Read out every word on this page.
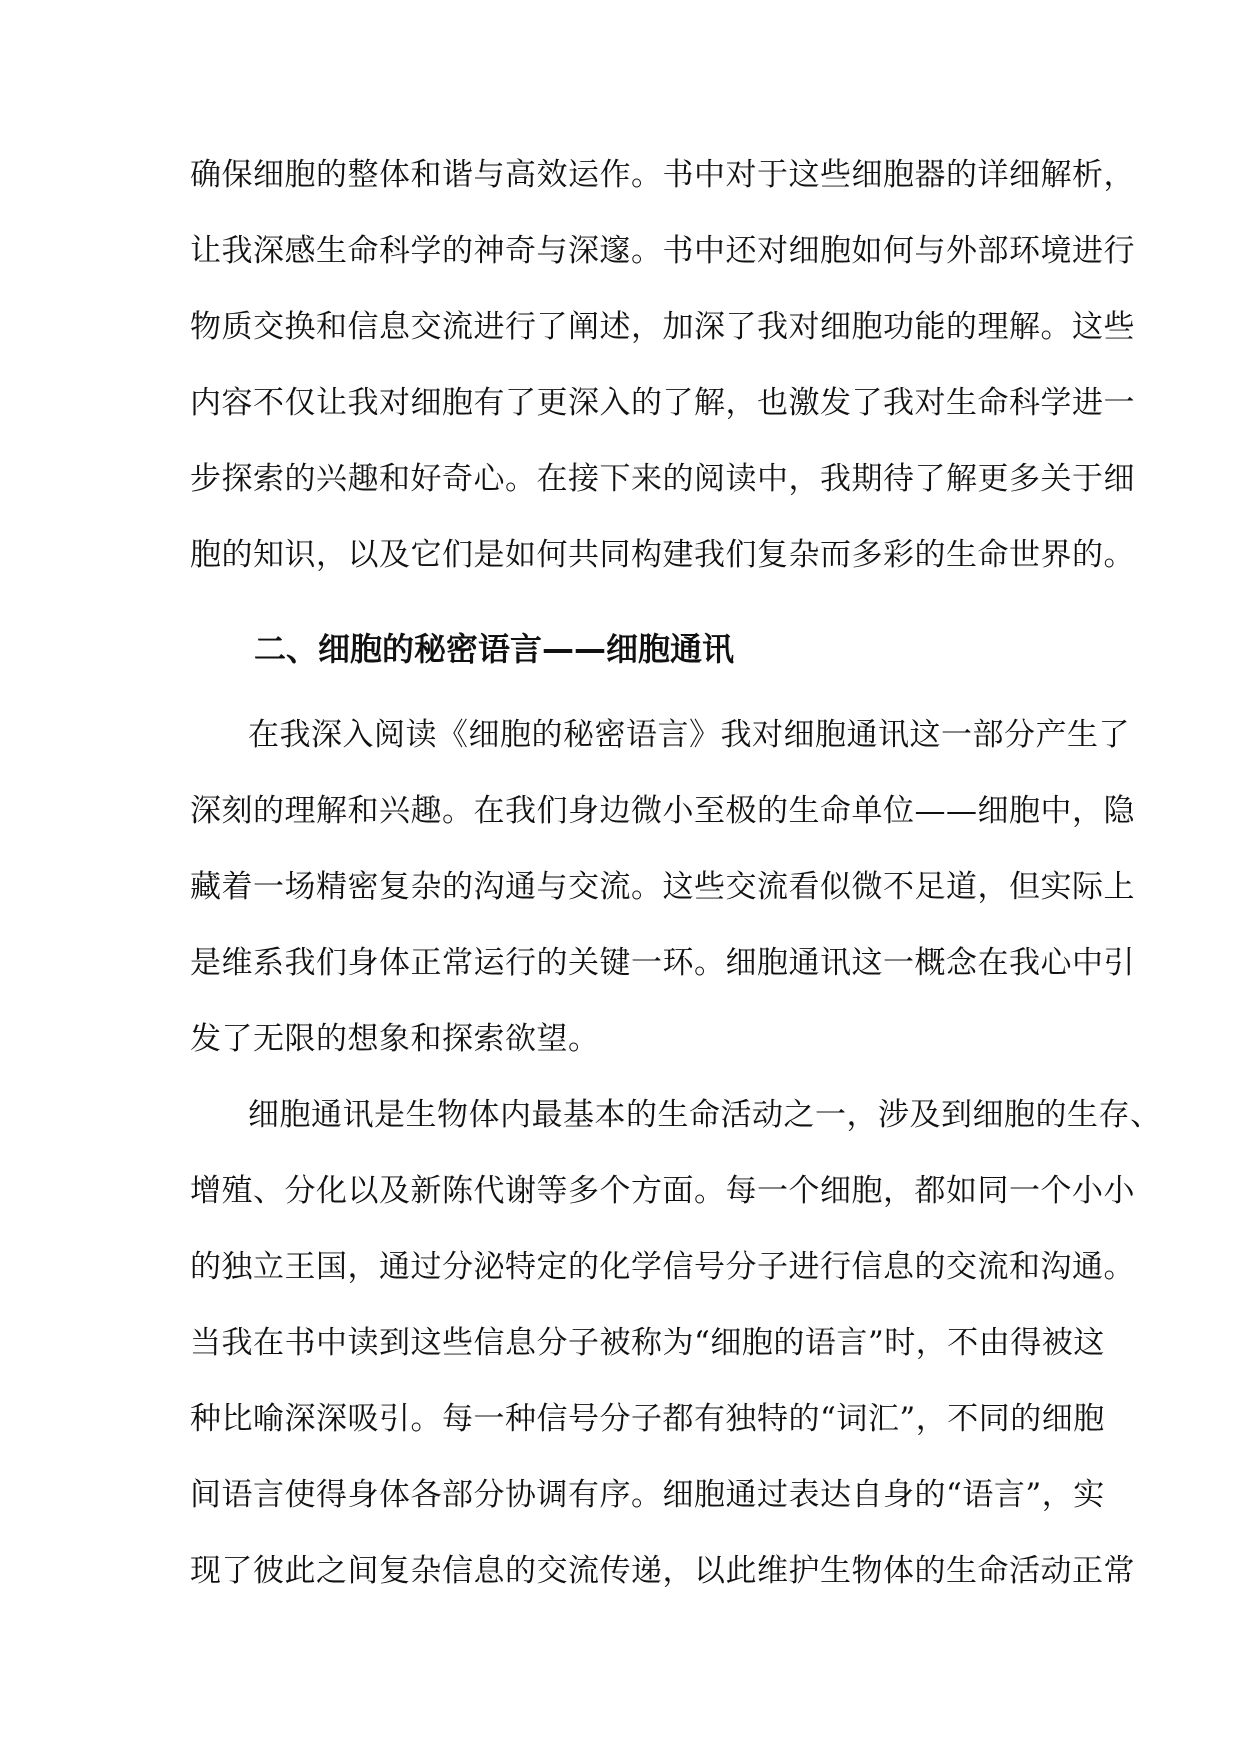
确保细胞的整体和谐与高效运作。书中对于这些细胞器的详细解析，
让我深感生命科学的神奇与深邃。书中还对细胞如何与外部环境进行
物质交换和信息交流进行了阐述，加深了我对细胞功能的理解。这些
内容不仅让我对细胞有了更深入的了解，也激发了我对生命科学进一
步探索的兴趣和好奇心。在接下来的阅读中，我期待了解更多关于细
胞的知识，以及它们是如何共同构建我们复杂而多彩的生命世界的。
二、细胞的秘密语言——细胞通讯
在我深入阅读《细胞的秘密语言》我对细胞通讯这一部分产生了
深刻的理解和兴趣。在我们身边微小至极的生命单位——细胞中，隐
藏着一场精密复杂的沟通与交流。这些交流看似微不足道，但实际上
是维系我们身体正常运行的关键一环。细胞通讯这一概念在我心中引
发了无限的想象和探索欲望。
细胞通讯是生物体内最基本的生命活动之一，涉及到细胞的生存、
增殖、分化以及新陈代谢等多个方面。每一个细胞，都如同一个小小
的独立王国，通过分泌特定的化学信号分子进行信息的交流和沟通。
当我在书中读到这些信息分子被称为“细胞的语言”时，不由得被这
种比喻深深吸引。每一种信号分子都有独特的“词汇”，不同的细胞
间语言使得身体各部分协调有序。细胞通过表达自身的“语言”，实
现了彼此之间复杂信息的交流传递，以此维护生物体的生命活动正常
